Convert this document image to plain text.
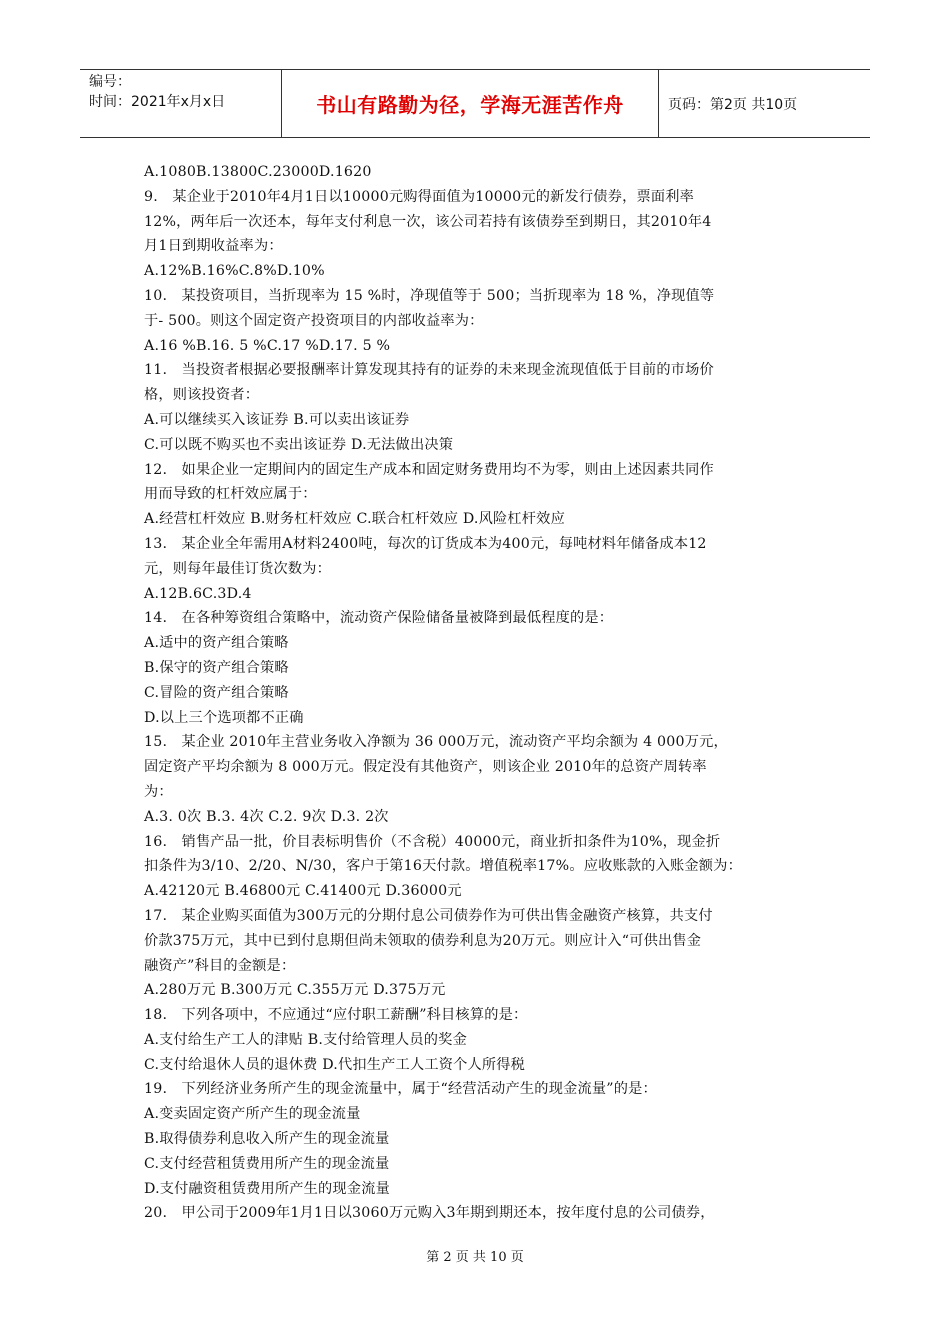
编号：
时间：2021年x月x日	书山有路勤为径，学海无涯苦作舟	页码：第2页 共10页

A.1080B.13800C.23000D.1620

9.　某企业于2010年4月1日以10000元购得面值为10000元的新发行债券，票面利率

12%，两年后一次还本，每年支付利息一次，该公司若持有该债券至到期日，其2010年4

月1日到期收益率为：

A.12%B.16%C.8%D.10%

10.　某投资项目，当折现率为 15 %时，净现值等于 500；当折现率为 18 %，净现值等

于- 500。则这个固定资产投资项目的内部收益率为：

A.16 %B.16. 5 %C.17 %D.17. 5 %

11.　当投资者根据必要报酬率计算发现其持有的证券的未来现金流现值低于目前的市场价

格，则该投资者：

A.可以继续买入该证券 B.可以卖出该证券

C.可以既不购买也不卖出该证券 D.无法做出决策

12.　如果企业一定期间内的固定生产成本和固定财务费用均不为零，则由上述因素共同作

用而导致的杠杆效应属于：

A.经营杠杆效应 B.财务杠杆效应 C.联合杠杆效应 D.风险杠杆效应

13.　某企业全年需用A材料2400吨，每次的订货成本为400元，每吨材料年储备成本12

元，则每年最佳订货次数为：

A.12B.6C.3D.4

14.　在各种筹资组合策略中，流动资产保险储备量被降到最低程度的是：

A.适中的资产组合策略

B.保守的资产组合策略

C.冒险的资产组合策略

D.以上三个选项都不正确

15.　某企业 2010年主营业务收入净额为 36 000万元，流动资产平均余额为 4 000万元，

固定资产平均余额为 8 000万元。假定没有其他资产，则该企业 2010年的总资产周转率

为：

A.3. 0次 B.3. 4次 C.2. 9次 D.3. 2次

16.　销售产品一批，价目表标明售价（不含税）40000元，商业折扣条件为10%，现金折

扣条件为3/10、2/20、N/30，客户于第16天付款。增值税率17%。应收账款的入账金额为：

A.42120元 B.46800元 C.41400元 D.36000元

17.　某企业购买面值为300万元的分期付息公司债券作为可供出售金融资产核算，共支付

价款375万元，其中已到付息期但尚未领取的债券利息为20万元。则应计入“可供出售金

融资产”科目的金额是：

A.280万元 B.300万元 C.355万元 D.375万元

18.　下列各项中，不应通过“应付职工薪酬”科目核算的是：

A.支付给生产工人的津贴 B.支付给管理人员的奖金

C.支付给退休人员的退休费 D.代扣生产工人工资个人所得税

19.　下列经济业务所产生的现金流量中，属于“经营活动产生的现金流量”的是：

A.变卖固定资产所产生的现金流量

B.取得债券利息收入所产生的现金流量

C.支付经营租赁费用所产生的现金流量

D.支付融资租赁费用所产生的现金流量

20.　甲公司于2009年1月1日以3060万元购入3年期到期还本，按年度付息的公司债券，

第 2 页 共 10 页
